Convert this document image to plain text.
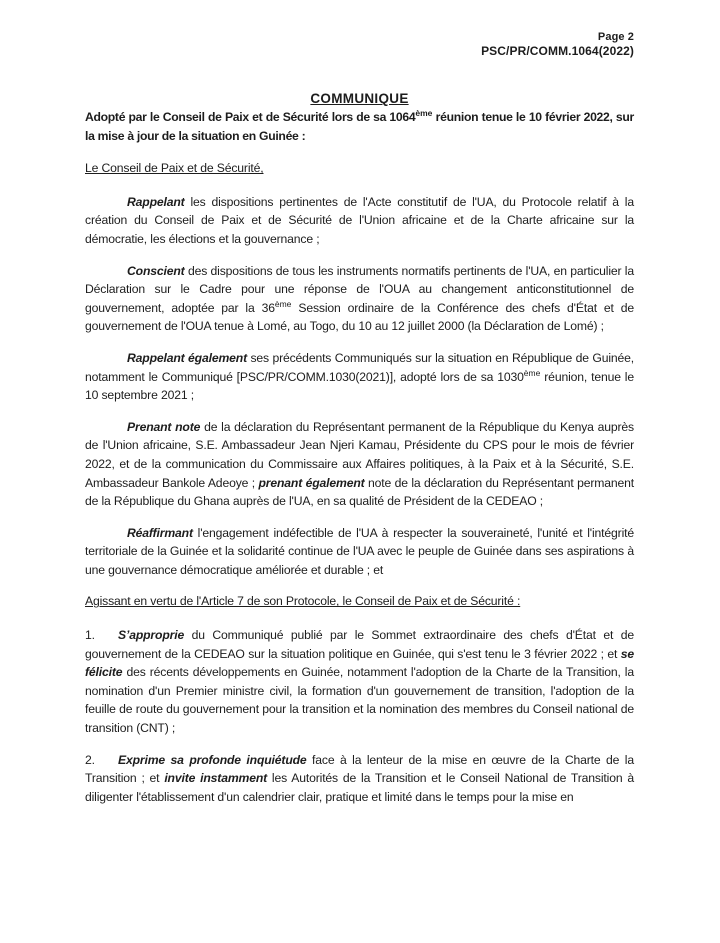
Page 2
PSC/PR/COMM.1064(2022)
COMMUNIQUE

Adopté par le Conseil de Paix et de Sécurité lors de sa 1064ème réunion tenue le 10 février 2022, sur la mise à jour de la situation en Guinée :

Le Conseil de Paix et de Sécurité,

Rappelant les dispositions pertinentes de l'Acte constitutif de l'UA, du Protocole relatif à la création du Conseil de Paix et de Sécurité de l'Union africaine et de la Charte africaine sur la démocratie, les élections et la gouvernance ;

Conscient des dispositions de tous les instruments normatifs pertinents de l'UA, en particulier la Déclaration sur le Cadre pour une réponse de l'OUA au changement anticonstitutionnel de gouvernement, adoptée par la 36ème Session ordinaire de la Conférence des chefs d'État et de gouvernement de l'OUA tenue à Lomé, au Togo, du 10 au 12 juillet 2000 (la Déclaration de Lomé) ;

Rappelant également ses précédents Communiqués sur la situation en République de Guinée, notamment le Communiqué [PSC/PR/COMM.1030(2021)], adopté lors de sa 1030ème réunion, tenue le 10 septembre 2021 ;

Prenant note de la déclaration du Représentant permanent de la République du Kenya auprès de l'Union africaine, S.E. Ambassadeur Jean Njeri Kamau, Présidente du CPS pour le mois de février 2022, et de la communication du Commissaire aux Affaires politiques, à la Paix et à la Sécurité, S.E. Ambassadeur Bankole Adeoye ; prenant également note de la déclaration du Représentant permanent de la République du Ghana auprès de l'UA, en sa qualité de Président de la CEDEAO ;

Réaffirmant l'engagement indéfectible de l'UA à respecter la souveraineté, l'unité et l'intégrité territoriale de la Guinée et la solidarité continue de l'UA avec le peuple de Guinée dans ses aspirations à une gouvernance démocratique améliorée et durable ; et

Agissant en vertu de l'Article 7 de son Protocole, le Conseil de Paix et de Sécurité :

1. S’approprie du Communiqué publié par le Sommet extraordinaire des chefs d'État et de gouvernement de la CEDEAO sur la situation politique en Guinée, qui s'est tenu le 3 février 2022 ; et se félicite des récents développements en Guinée, notamment l'adoption de la Charte de la Transition, la nomination d'un Premier ministre civil, la formation d'un gouvernement de transition, l'adoption de la feuille de route du gouvernement pour la transition et la nomination des membres du Conseil national de transition (CNT) ;

2. Exprime sa profonde inquiétude face à la lenteur de la mise en œuvre de la Charte de la Transition ; et invite instamment les Autorités de la Transition et le Conseil National de Transition à diligenter l'établissement d'un calendrier clair, pratique et limité dans le temps pour la mise en
